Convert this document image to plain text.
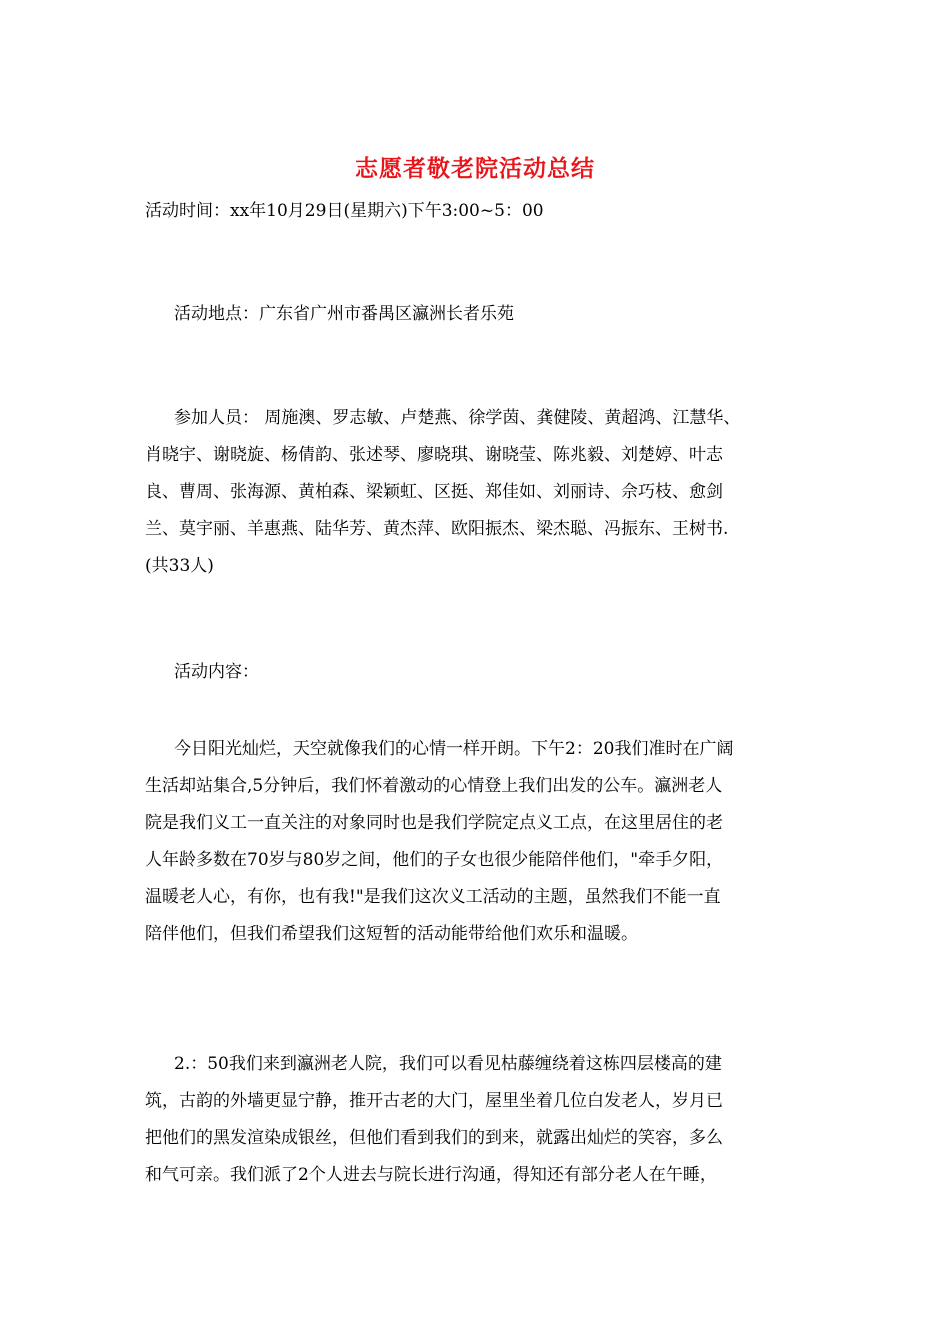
志愿者敬老院活动总结
活动时间：xx年10月29日(星期六)下午3:00~5：00
活动地点：广东省广州市番禺区瀛洲长者乐苑
参加人员： 周施澳、罗志敏、卢楚燕、徐学茵、龚健陵、黄超鸿、江慧华、
肖晓宇、谢晓旋、杨倩韵、张述琴、廖晓琪、谢晓莹、陈兆毅、刘楚婷、叶志
良、曹周、张海源、黄柏森、梁颖虹、区挺、郑佳如、刘丽诗、佘巧枝、愈剑
兰、莫宇丽、羊惠燕、陆华芳、黄杰萍、欧阳振杰、梁杰聪、冯振东、王树书.
(共33人)
活动内容：
今日阳光灿烂，天空就像我们的心情一样开朗。下午2：20我们准时在广阔
生活却站集合,5分钟后，我们怀着激动的心情登上我们出发的公车。瀛洲老人
院是我们义工一直关注的对象同时也是我们学院定点义工点，在这里居住的老
人年龄多数在70岁与80岁之间，他们的子女也很少能陪伴他们，"牵手夕阳，
温暖老人心，有你，也有我!"是我们这次义工活动的主题，虽然我们不能一直
陪伴他们，但我们希望我们这短暂的活动能带给他们欢乐和温暖。
2.：50我们来到瀛洲老人院，我们可以看见枯藤缠绕着这栋四层楼高的建
筑，古韵的外墙更显宁静，推开古老的大门，屋里坐着几位白发老人，岁月已
把他们的黑发渲染成银丝，但他们看到我们的到来，就露出灿烂的笑容，多么
和气可亲。我们派了2个人进去与院长进行沟通，得知还有部分老人在午睡，
